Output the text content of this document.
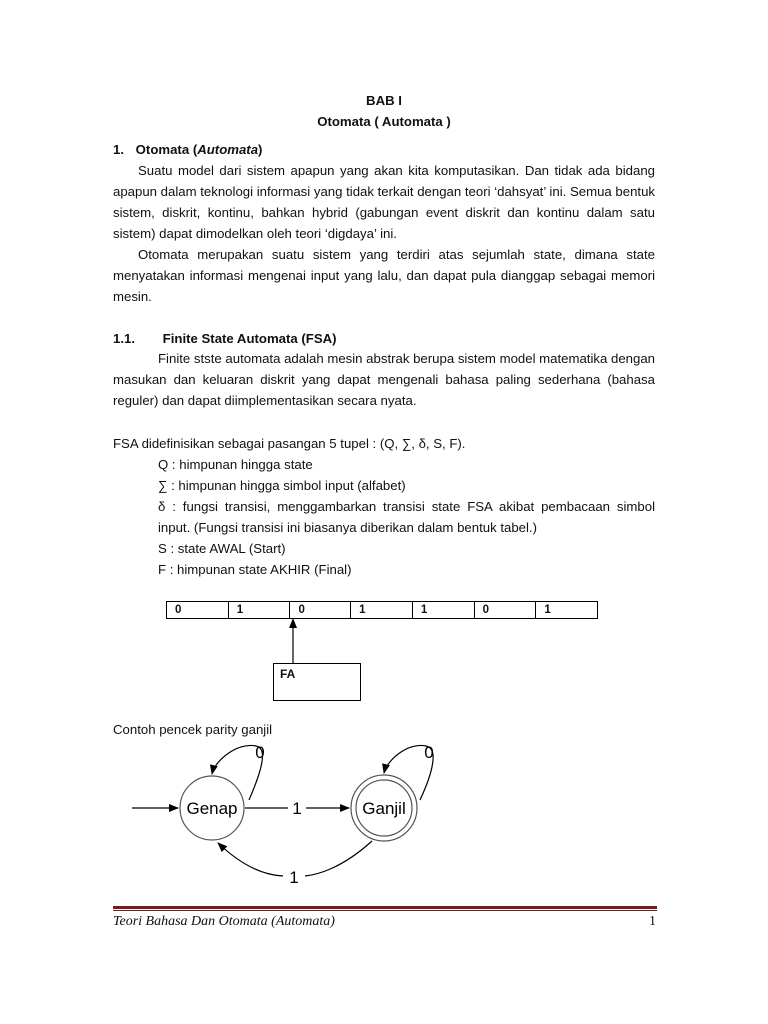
BAB I
Otomata ( Automata )
1. Otomata (Automata)
Suatu model dari sistem apapun yang akan kita komputasikan. Dan tidak ada bidang apapun dalam teknologi informasi yang tidak terkait dengan teori ‘dahsyat’ ini. Semua bentuk sistem, diskrit, kontinu, bahkan hybrid (gabungan event diskrit dan kontinu dalam satu sistem) dapat dimodelkan oleh teori ‘digdaya’ ini.
Otomata merupakan suatu sistem yang terdiri atas sejumlah state, dimana state menyatakan informasi mengenai input yang lalu, dan dapat pula dianggap sebagai memori mesin.
1.1. Finite State Automata (FSA)
Finite stste automata adalah mesin abstrak berupa sistem model matematika dengan masukan dan keluaran diskrit yang dapat mengenali bahasa paling sederhana (bahasa reguler) dan dapat diimplementasikan secara nyata.
FSA didefinisikan sebagai pasangan 5 tupel : (Q, ∑, δ, S, F).
Q : himpunan hingga state
∑ : himpunan hingga simbol input (alfabet)
δ : fungsi transisi, menggambarkan transisi state FSA akibat pembacaan simbol input. (Fungsi transisi ini biasanya diberikan dalam bentuk tabel.)
S : state AWAL (Start)
F : himpunan state AKHIR (Final)
0	1	0	1	1	0	1
FA
Contoh pencek parity ganjil
Genap	Ganjil
0	0
1
1
Teori Bahasa Dan Otomata (Automata)	1
